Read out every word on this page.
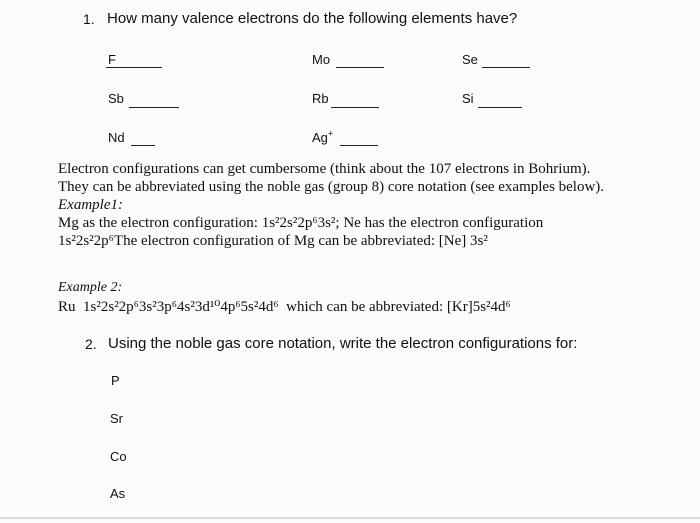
1. How many valence electrons do the following elements have?
F	Mo	Se
Sb	Rb	Si
Nd	Ag+
Electron configurations can get cumbersome (think about the 107 electrons in Bohrium).
They can be abbreviated using the noble gas (group 8) core notation (see examples below).
Example1:
Mg as the electron configuration: 1s²2s²2p⁶3s²; Ne has the electron configuration
1s²2s²2p⁶The electron configuration of Mg can be abbreviated: [Ne] 3s²
Example 2:
Ru 1s²2s²2p⁶3s²3p⁶4s²3d¹⁰4p⁶5s²4d⁶ which can be abbreviated: [Kr]5s²4d⁶
2. Using the noble gas core notation, write the electron configurations for:
P
Sr
Co
As
